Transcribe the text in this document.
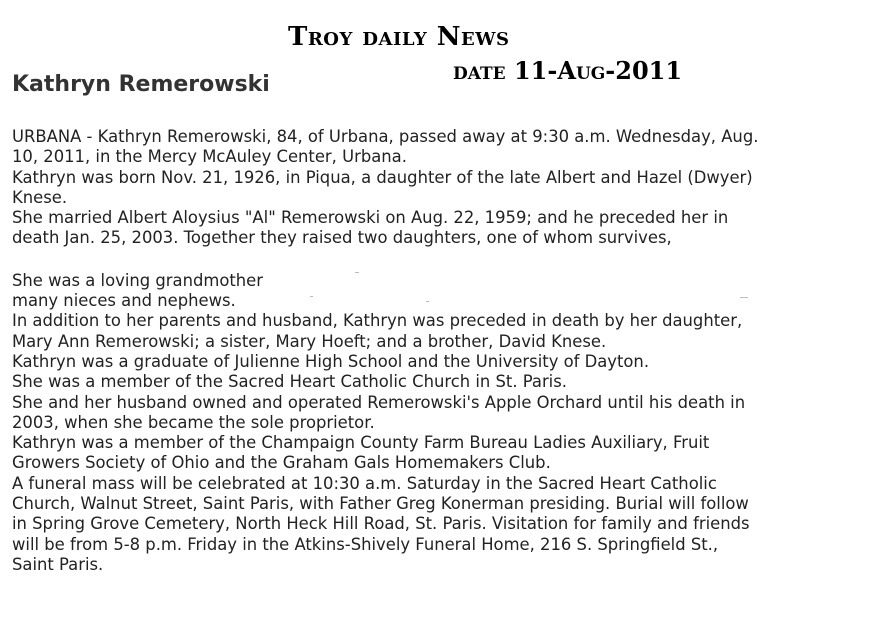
Troy daily News
date 11-Aug-2011
Kathryn Remerowski
URBANA - Kathryn Remerowski, 84, of Urbana, passed away at 9:30 a.m. Wednesday, Aug.
10, 2011, in the Mercy McAuley Center, Urbana.
Kathryn was born Nov. 21, 1926, in Piqua, a daughter of the late Albert and Hazel (Dwyer)
Knese.
She married Albert Aloysius "Al" Remerowski on Aug. 22, 1959; and he preceded her in
death Jan. 25, 2003. Together they raised two daughters, one of whom survives,
She was a loving grandmother
many nieces and nephews.
In addition to her parents and husband, Kathryn was preceded in death by her daughter,
Mary Ann Remerowski; a sister, Mary Hoeft; and a brother, David Knese.
Kathryn was a graduate of Julienne High School and the University of Dayton.
She was a member of the Sacred Heart Catholic Church in St. Paris.
She and her husband owned and operated Remerowski's Apple Orchard until his death in
2003, when she became the sole proprietor.
Kathryn was a member of the Champaign County Farm Bureau Ladies Auxiliary, Fruit
Growers Society of Ohio and the Graham Gals Homemakers Club.
A funeral mass will be celebrated at 10:30 a.m. Saturday in the Sacred Heart Catholic
Church, Walnut Street, Saint Paris, with Father Greg Konerman presiding. Burial will follow
in Spring Grove Cemetery, North Heck Hill Road, St. Paris. Visitation for family and friends
will be from 5-8 p.m. Friday in the Atkins-Shively Funeral Home, 216 S. Springfield St.,
Saint Paris.
